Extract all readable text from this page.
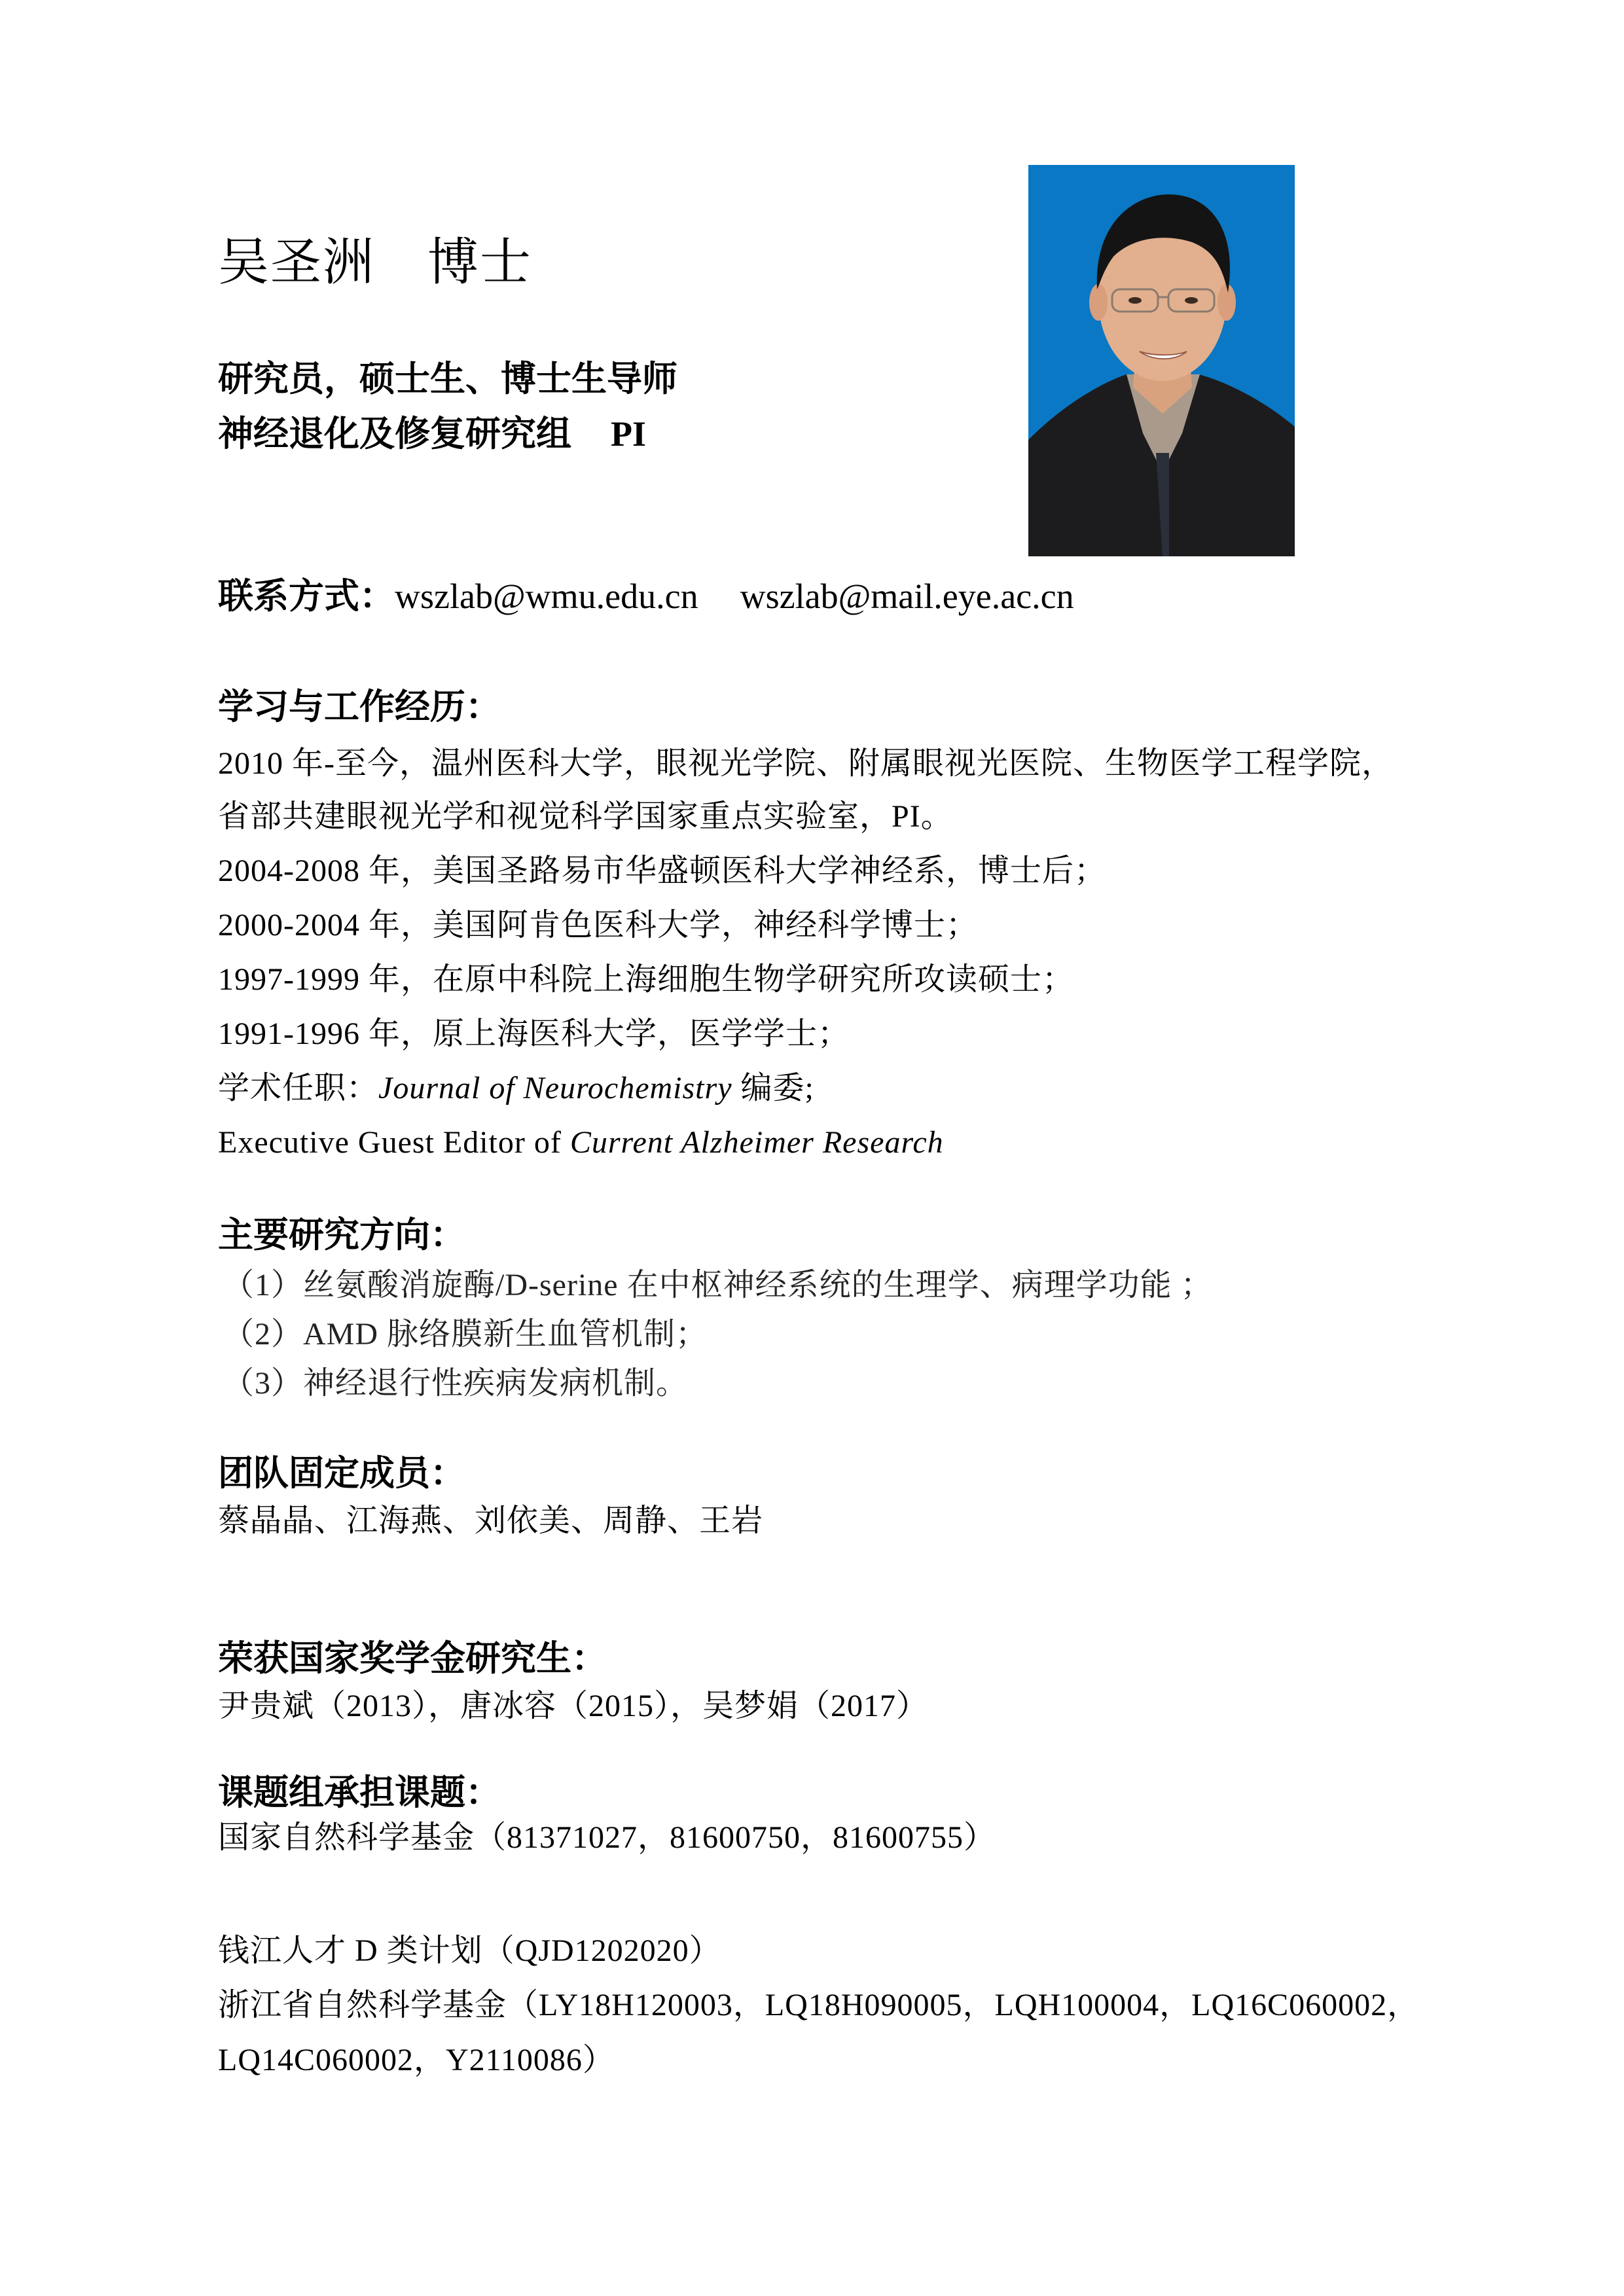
吴圣洲 博士
研究员，硕士生、博士生导师
神经退化及修复研究组 PI
联系方式：wszlab@wmu.edu.cn wszlab@mail.eye.ac.cn
学习与工作经历：
2010 年-至今，温州医科大学，眼视光学院、附属眼视光医院、生物医学工程学院，
省部共建眼视光学和视觉科学国家重点实验室，PI。
2004-2008 年，美国圣路易市华盛顿医科大学神经系，博士后；
2000-2004 年，美国阿肯色医科大学，神经科学博士；
1997-1999 年，在原中科院上海细胞生物学研究所攻读硕士；
1991-1996 年，原上海医科大学，医学学士；
学术任职：Journal of Neurochemistry 编委;
Executive Guest Editor of Current Alzheimer Research
主要研究方向：
（1）丝氨酸消旋酶/D-serine 在中枢神经系统的生理学、病理学功能 ；
（2）AMD 脉络膜新生血管机制；
（3）神经退行性疾病发病机制。
团队固定成员：
蔡晶晶、江海燕、刘依美、周静、王岩
荣获国家奖学金研究生：
尹贵斌（2013），唐冰容（2015），吴梦娟（2017）
课题组承担课题：
国家自然科学基金（81371027，81600750，81600755）
钱江人才 D 类计划（QJD1202020）
浙江省自然科学基金（LY18H120003，LQ18H090005，LQH100004，LQ16C060002，
LQ14C060002，Y2110086）
